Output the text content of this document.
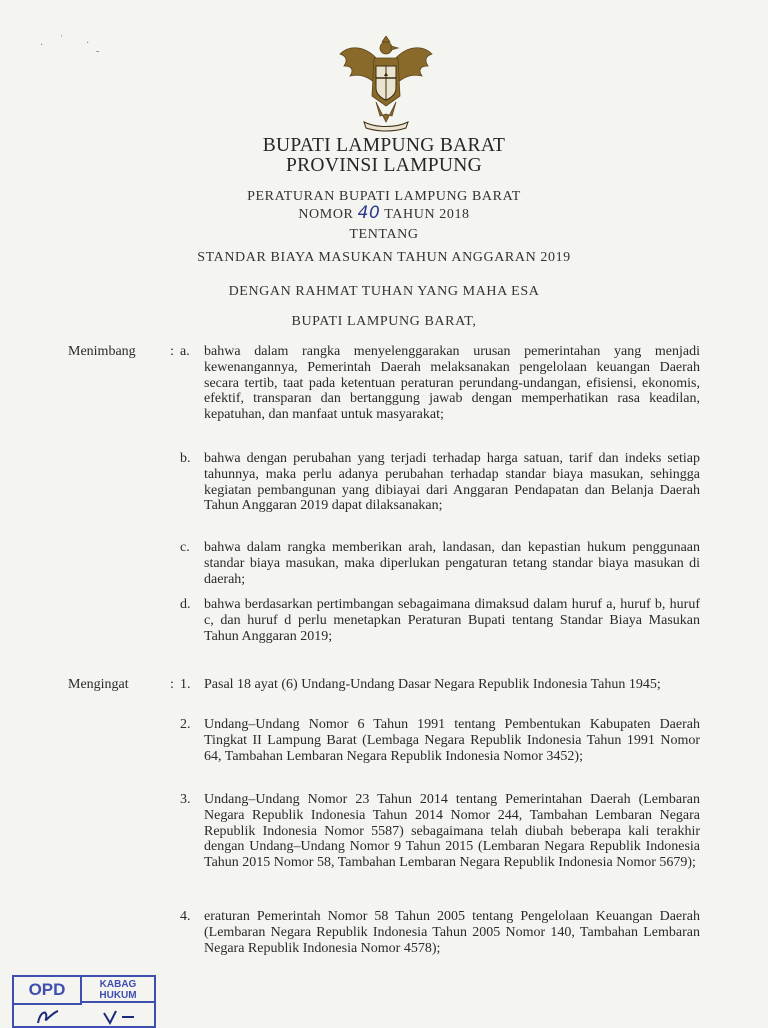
·
ˈ ·
-
BUPATI LAMPUNG BARAT
PROVINSI LAMPUNG
PERATURAN BUPATI LAMPUNG BARAT
NOMOR 40 TAHUN 2018
TENTANG
STANDAR BIAYA MASUKAN TAHUN ANGGARAN 2019
DENGAN RAHMAT TUHAN YANG MAHA ESA
BUPATI LAMPUNG BARAT,
Menimbang : a. bahwa dalam rangka menyelenggarakan urusan pemerintahan yang menjadi kewenangannya, Pemerintah Daerah melaksanakan pengelolaan keuangan Daerah secara tertib, taat pada ketentuan peraturan perundang-undangan, efisiensi, ekonomis, efektif, transparan dan bertanggung jawab dengan memperhatikan rasa keadilan, kepatuhan, dan manfaat untuk masyarakat;
b. bahwa dengan perubahan yang terjadi terhadap harga satuan, tarif dan indeks setiap tahunnya, maka perlu adanya perubahan terhadap standar biaya masukan, sehingga kegiatan pembangunan yang dibiayai dari Anggaran Pendapatan dan Belanja Daerah Tahun Anggaran 2019 dapat dilaksanakan;
c. bahwa dalam rangka memberikan arah, landasan, dan kepastian hukum penggunaan standar biaya masukan, maka diperlukan pengaturan tetang standar biaya masukan di daerah;
d. bahwa berdasarkan pertimbangan sebagaimana dimaksud dalam huruf a, huruf b, huruf c, dan huruf d perlu menetapkan Peraturan Bupati tentang Standar Biaya Masukan Tahun Anggaran 2019;
Mengingat	: 1. Pasal 18 ayat (6) Undang-Undang Dasar Negara Republik Indonesia Tahun 1945;
2. Undang–Undang Nomor 6 Tahun 1991 tentang Pembentukan Kabupaten Daerah Tingkat II Lampung Barat (Lembaga Negara Republik Indonesia Tahun 1991 Nomor 64, Tambahan Lembaran Negara Republik Indonesia Nomor 3452);
3. Undang–Undang Nomor 23 Tahun 2014 tentang Pemerintahan Daerah (Lembaran Negara Republik Indonesia Tahun 2014 Nomor 244, Tambahan Lembaran Negara Republik Indonesia Nomor 5587) sebagaimana telah diubah beberapa kali terakhir dengan Undang–Undang Nomor 9 Tahun 2015 (Lembaran Negara Republik Indonesia Tahun 2015 Nomor 58, Tambahan Lembaran Negara Republik Indonesia Nomor 5679);
4. eraturan Pemerintah Nomor 58 Tahun 2005 tentang Pengelolaan Keuangan Daerah (Lembaran Negara Republik Indonesia Tahun 2005 Nomor 140, Tambahan Lembaran Negara Republik Indonesia Nomor 4578);
OPD	KABAG
HUKUM
